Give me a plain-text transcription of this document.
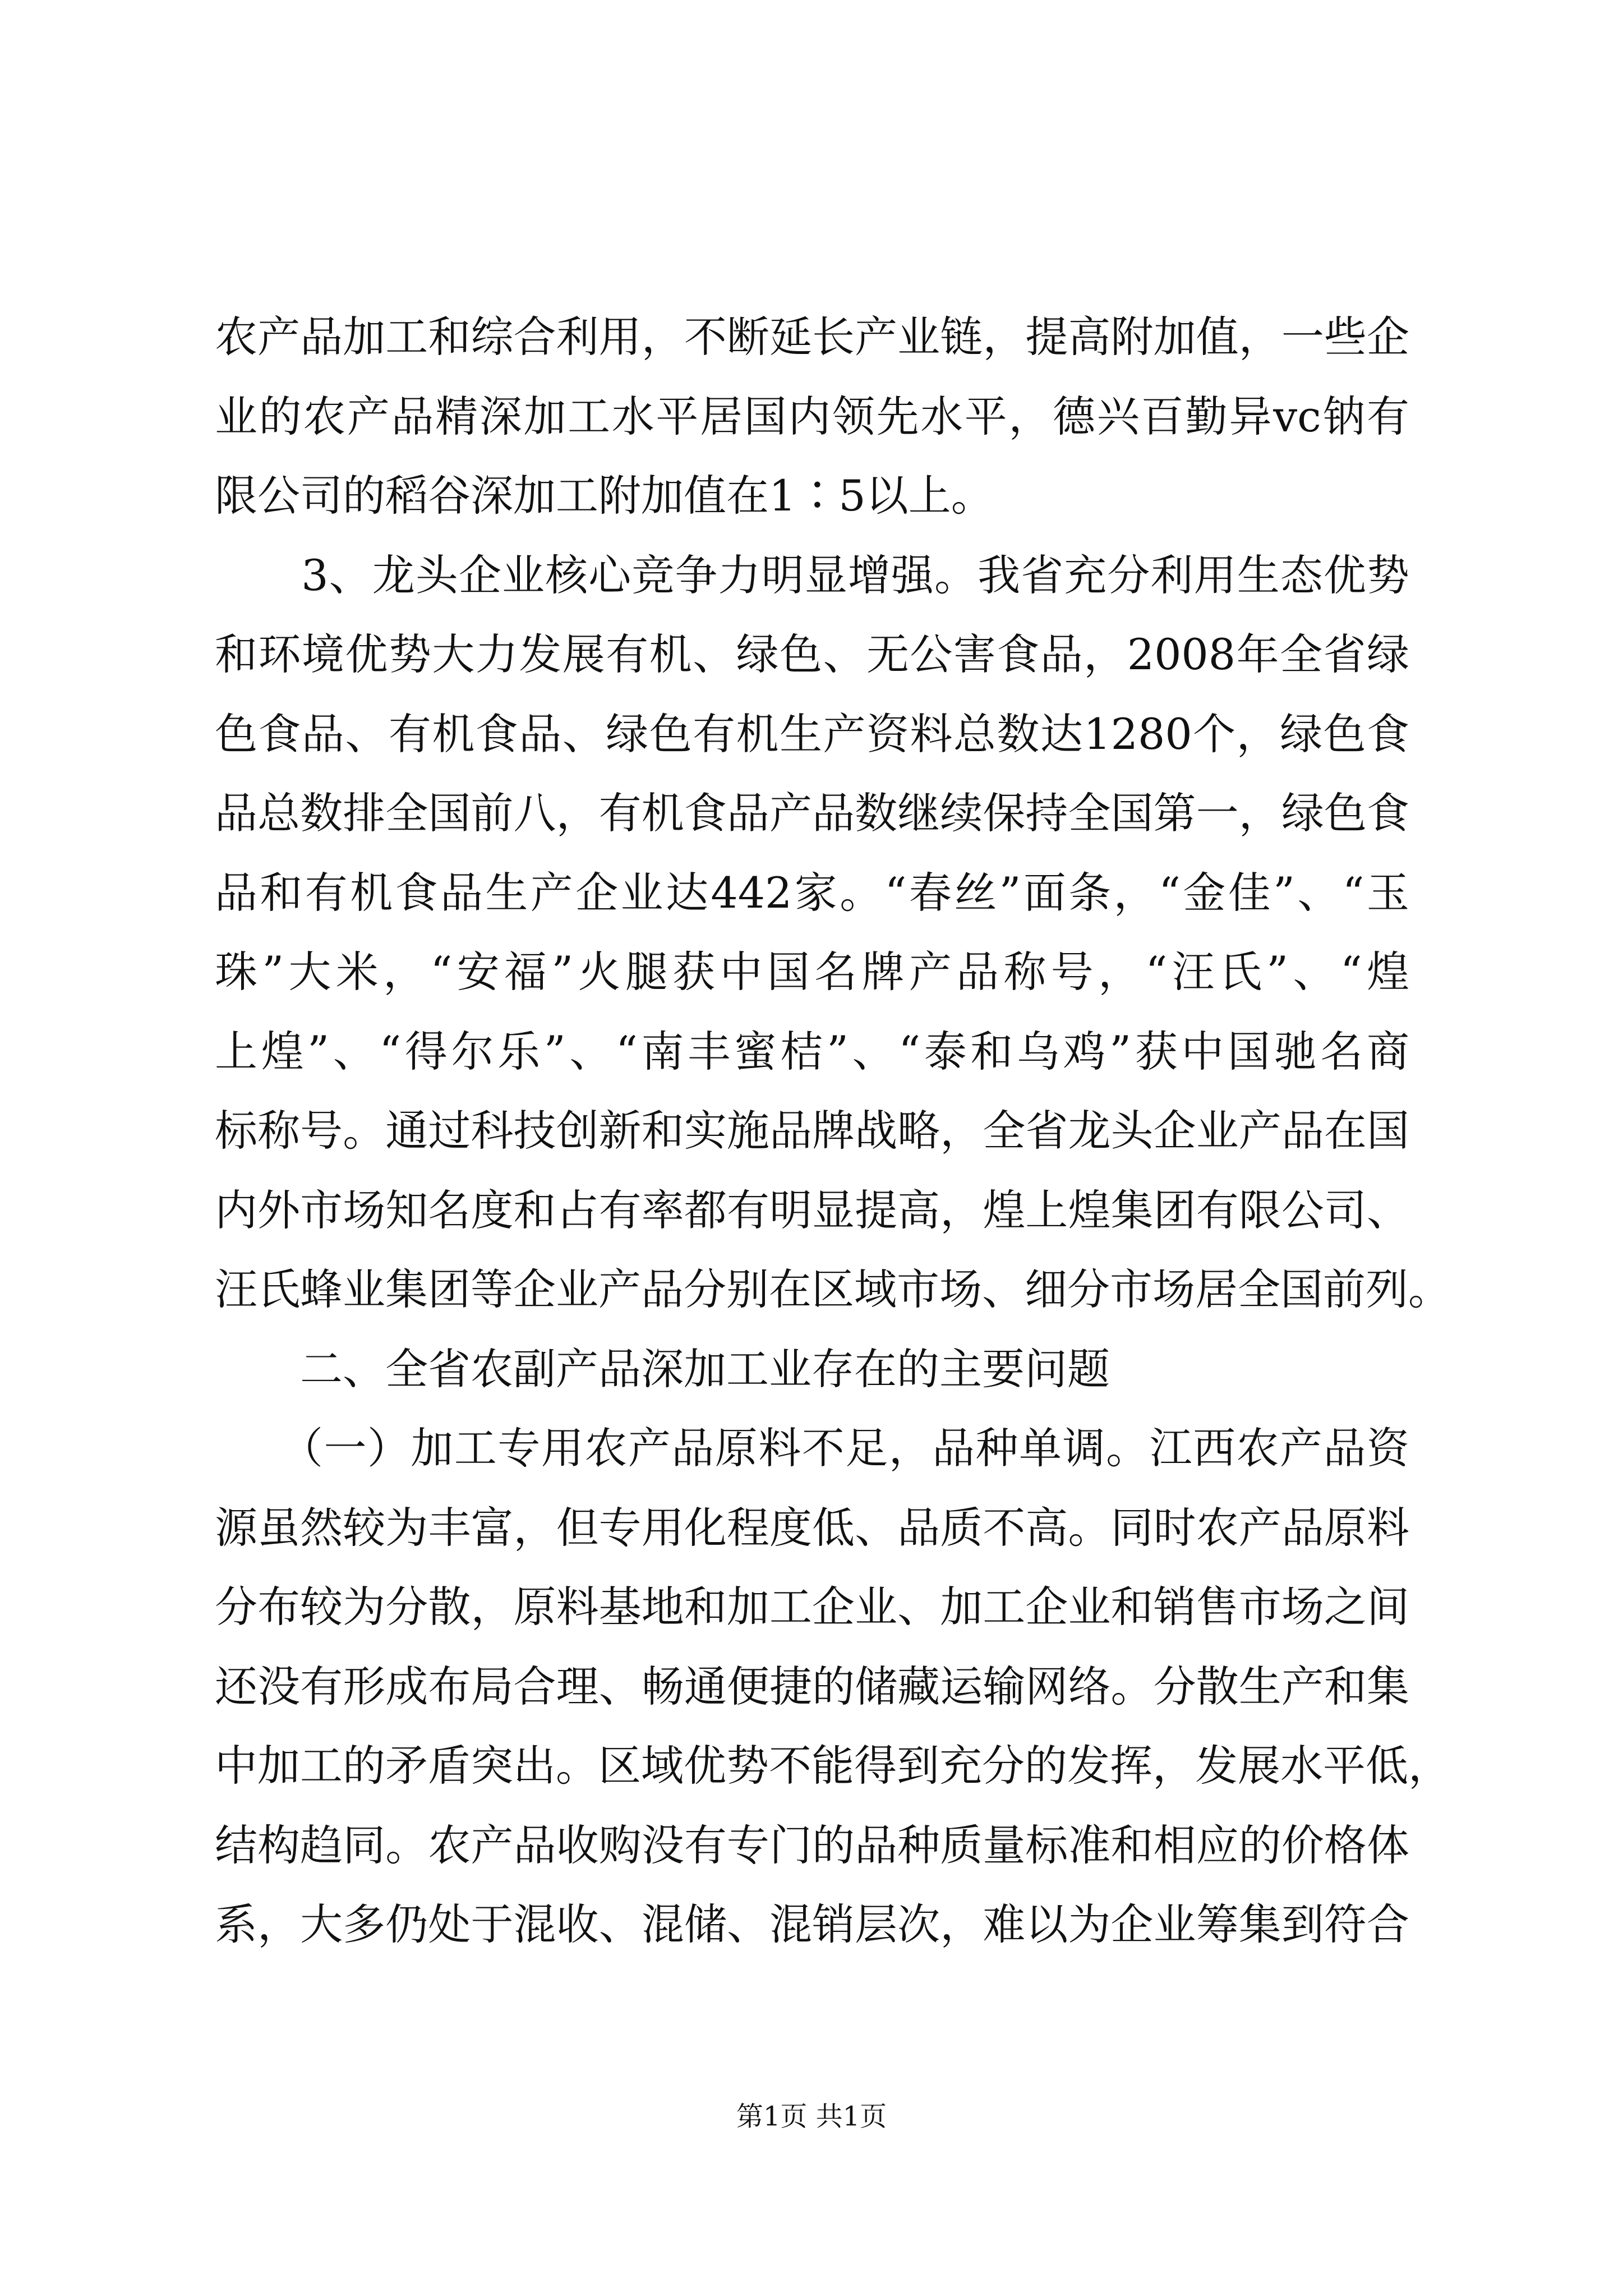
农产品加工和综合利用，不断延长产业链，提高附加值，一些企
业的农产品精深加工水平居国内领先水平，德兴百勤异vc钠有
限公司的稻谷深加工附加值在1∶5以上。
　　3、龙头企业核心竞争力明显增强。我省充分利用生态优势
和环境优势大力发展有机、绿色、无公害食品，2008年全省绿
色食品、有机食品、绿色有机生产资料总数达1280个，绿色食
品总数排全国前八，有机食品产品数继续保持全国第一，绿色食
品和有机食品生产企业达442家。“春丝”面条，“金佳”、“玉
珠”大米，“安福”火腿获中国名牌产品称号，“汪氏”、“煌
上煌”、“得尔乐”、“南丰蜜桔”、“泰和乌鸡”获中国驰名商
标称号。通过科技创新和实施品牌战略，全省龙头企业产品在国
内外市场知名度和占有率都有明显提高，煌上煌集团有限公司、
汪氏蜂业集团等企业产品分别在区域市场、细分市场居全国前列。
　　二、全省农副产品深加工业存在的主要问题
　　（一）加工专用农产品原料不足，品种单调。江西农产品资
源虽然较为丰富，但专用化程度低、品质不高。同时农产品原料
分布较为分散，原料基地和加工企业、加工企业和销售市场之间
还没有形成布局合理、畅通便捷的储藏运输网络。分散生产和集
中加工的矛盾突出。区域优势不能得到充分的发挥，发展水平低，
结构趋同。农产品收购没有专门的品种质量标准和相应的价格体
系，大多仍处于混收、混储、混销层次，难以为企业筹集到符合
第1页 共1页
